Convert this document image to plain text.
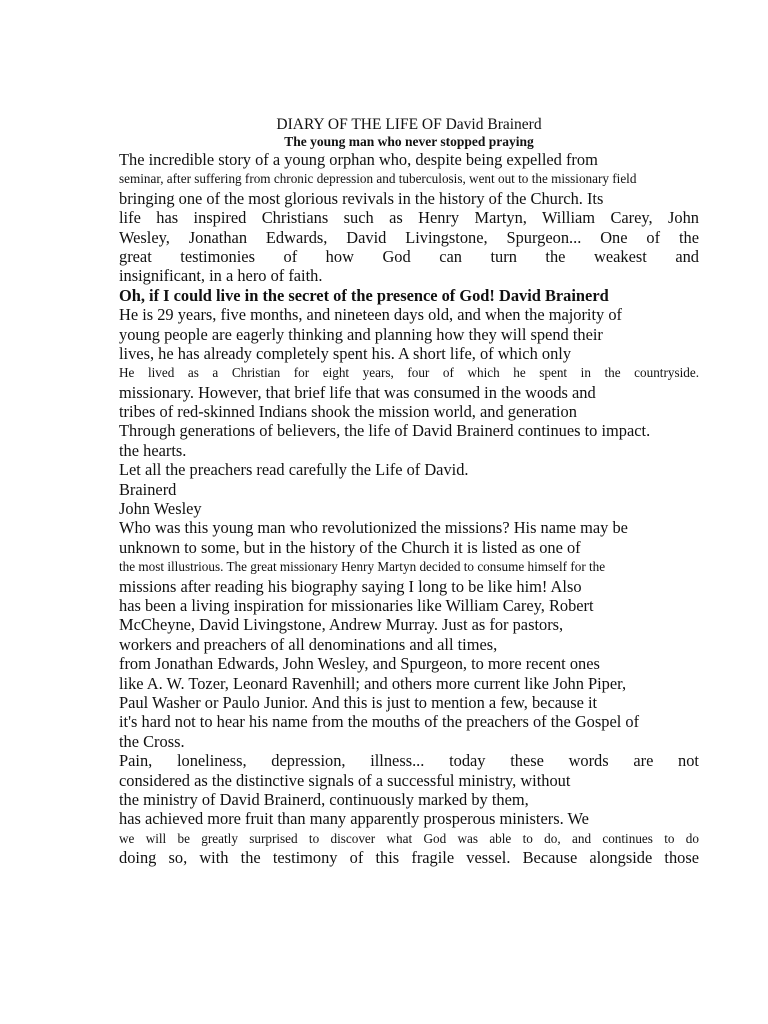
DIARY OF THE LIFE OF David Brainerd
The young man who never stopped praying
The incredible story of a young orphan who, despite being expelled from
seminar, after suffering from chronic depression and tuberculosis, went out to the missionary field
bringing one of the most glorious revivals in the history of the Church. Its
life has inspired Christians such as Henry Martyn, William Carey, John
Wesley, Jonathan Edwards, David Livingstone, Spurgeon... One of the
great testimonies of how God can turn the weakest and
insignificant, in a hero of faith.
Oh, if I could live in the secret of the presence of God! David Brainerd
He is 29 years, five months, and nineteen days old, and when the majority of
young people are eagerly thinking and planning how they will spend their
lives, he has already completely spent his. A short life, of which only
He lived as a Christian for eight years, four of which he spent in the countryside.
missionary. However, that brief life that was consumed in the woods and
tribes of red-skinned Indians shook the mission world, and generation
Through generations of believers, the life of David Brainerd continues to impact.
the hearts.
Let all the preachers read carefully the Life of David.
Brainerd
John Wesley
Who was this young man who revolutionized the missions? His name may be
unknown to some, but in the history of the Church it is listed as one of
the most illustrious. The great missionary Henry Martyn decided to consume himself for the
missions after reading his biography saying I long to be like him! Also
has been a living inspiration for missionaries like William Carey, Robert
McCheyne, David Livingstone, Andrew Murray. Just as for pastors,
workers and preachers of all denominations and all times,
from Jonathan Edwards, John Wesley, and Spurgeon, to more recent ones
like A. W. Tozer, Leonard Ravenhill; and others more current like John Piper,
Paul Washer or Paulo Junior. And this is just to mention a few, because it
it's hard not to hear his name from the mouths of the preachers of the Gospel of
the Cross.
Pain, loneliness, depression, illness... today these words are not
considered as the distinctive signals of a successful ministry, without
the ministry of David Brainerd, continuously marked by them,
has achieved more fruit than many apparently prosperous ministers. We
we will be greatly surprised to discover what God was able to do, and continues to do
doing so, with the testimony of this fragile vessel. Because alongside those
